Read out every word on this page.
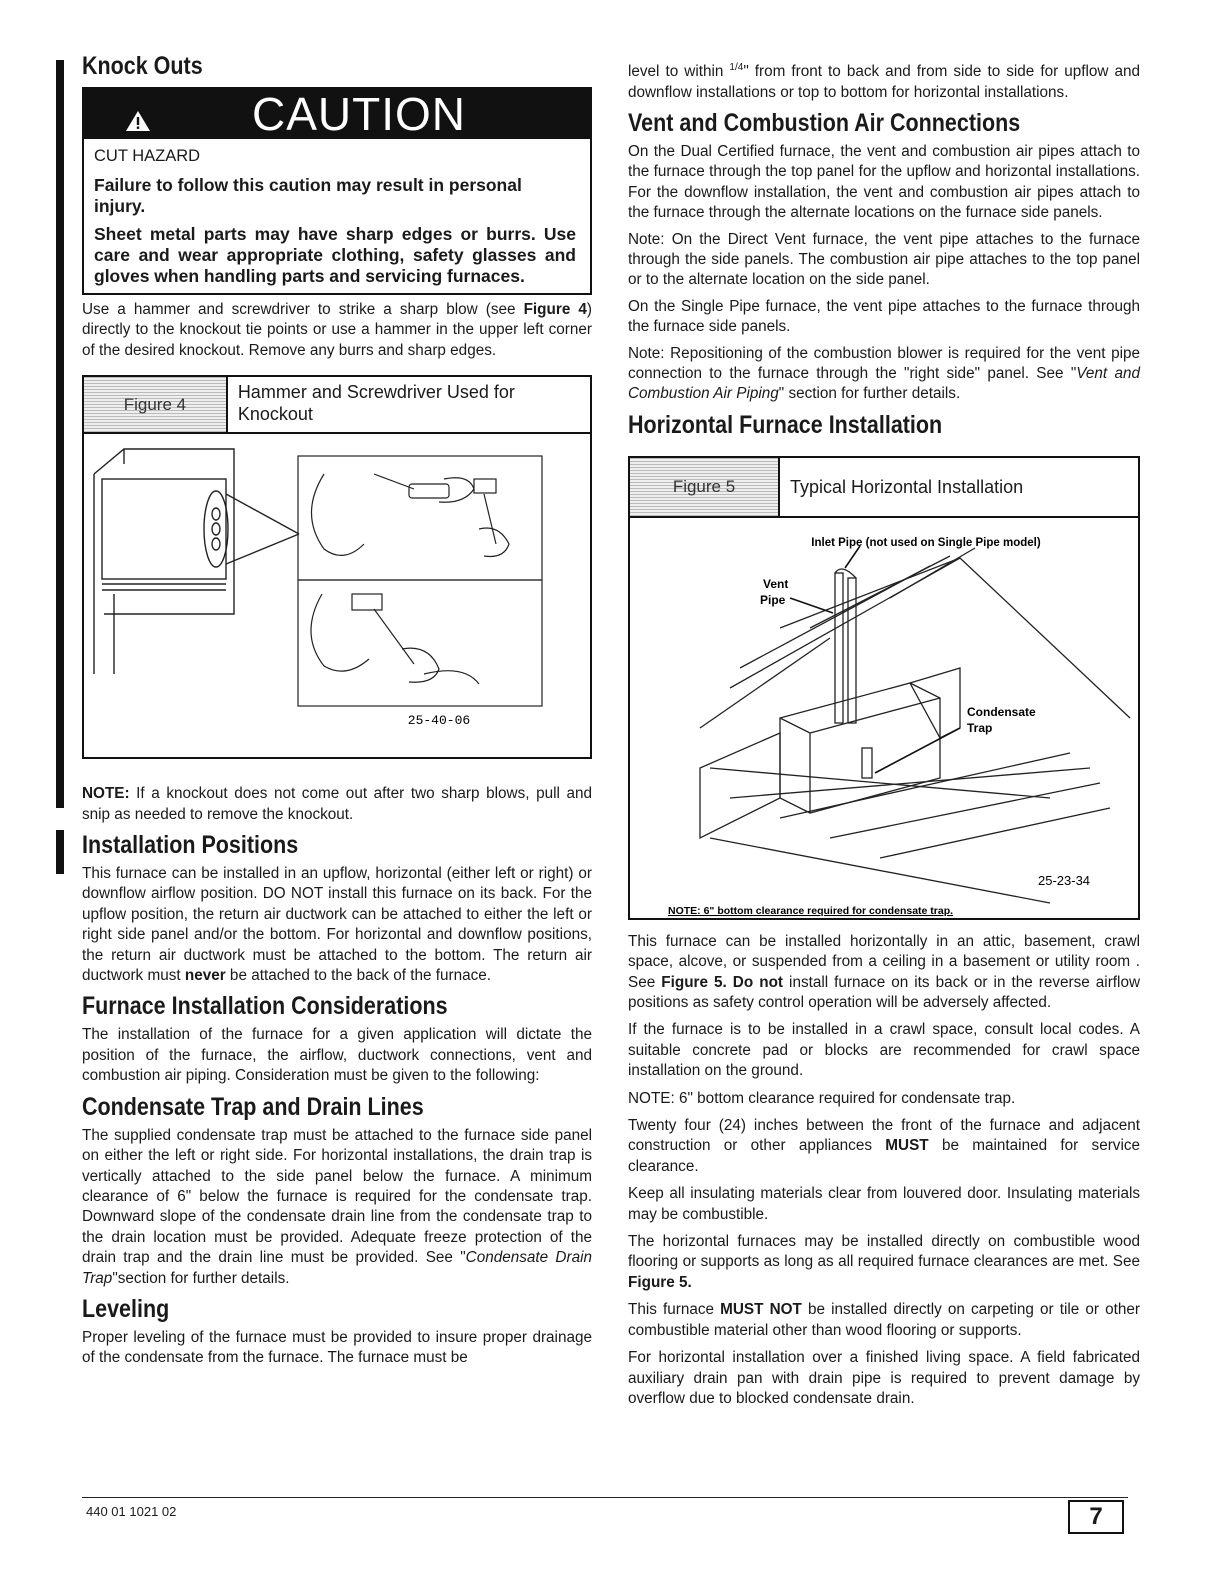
Knock Outs
CAUTION
CUT HAZARD
Failure to follow this caution may result in personal injury.
Sheet metal parts may have sharp edges or burrs. Use care and wear appropriate clothing, safety glasses and gloves when handling parts and servicing furnaces.

Use a hammer and screwdriver to strike a sharp blow (see Figure 4) directly to the knockout tie points or use a hammer in the upper left corner of the desired knockout. Remove any burrs and sharp edges.

Figure 4
Hammer and Screwdriver Used for Knockout
25-40-06

NOTE: If a knockout does not come out after two sharp blows, pull and snip as needed to remove the knockout.

Installation Positions

This furnace can be installed in an upflow, horizontal (either left or right) or downflow airflow position. DO NOT install this furnace on its back. For the upflow position, the return air ductwork can be attached to either the left or right side panel and/or the bottom. For horizontal and downflow positions, the return air ductwork must be attached to the bottom. The return air ductwork must never be attached to the back of the furnace.

Furnace Installation Considerations

The installation of the furnace for a given application will dictate the position of the furnace, the airflow, ductwork connections, vent and combustion air piping. Consideration must be given to the following:

Condensate Trap and Drain Lines

The supplied condensate trap must be attached to the furnace side panel on either the left or right side. For horizontal installations, the drain trap is vertically attached to the side panel below the furnace. A minimum clearance of 6" below the furnace is required for the condensate trap. Downward slope of the condensate drain line from the condensate trap to the drain location must be provided. Adequate freeze protection of the drain trap and the drain line must be provided. See "Condensate Drain Trap"section for further details.

Leveling

Proper leveling of the furnace must be provided to insure proper drainage of the condensate from the furnace. The furnace must be

level to within $^{1/4}$" from front to back and from side to side for upflow and downflow installations or top to bottom for horizontal installations.

Vent and Combustion Air Connections

On the Dual Certified furnace, the vent and combustion air pipes attach to the furnace through the top panel for the upflow and horizontal installations. For the downflow installation, the vent and combustion air pipes attach to the furnace through the alternate locations on the furnace side panels.

Note: On the Direct Vent furnace, the vent pipe attaches to the furnace through the side panels. The combustion air pipe attaches to the top panel or to the alternate location on the side panel.

On the Single Pipe furnace, the vent pipe attaches to the furnace through the furnace side panels.

Note: Repositioning of the combustion blower is required for the vent pipe connection to the furnace through the "right side" panel. See "Vent and Combustion Air Piping" section for further details.

Horizontal Furnace Installation
Figure 5	Typical Horizontal Installation
Inlet Pipe (not used on Single Pipe model)
Vent
Pipe
Condensate
Trap
25-23-34
NOTE: 6" bottom clearance required for condensate trap.

This furnace can be installed horizontally in an attic, basement, crawl space, alcove, or suspended from a ceiling in a basement or utility room . See Figure 5. Do not install furnace on its back or in the reverse airflow positions as safety control operation will be adversely affected.

If the furnace is to be installed in a crawl space, consult local codes. A suitable concrete pad or blocks are recommended for crawl space installation on the ground.

NOTE: 6" bottom clearance required for condensate trap.

Twenty four (24) inches between the front of the furnace and adjacent construction or other appliances MUST be maintained for service clearance.

Keep all insulating materials clear from louvered door. Insulating materials may be combustible.

The horizontal furnaces may be installed directly on combustible wood flooring or supports as long as all required furnace clearances are met. See Figure 5.

This furnace MUST NOT be installed directly on carpeting or tile or other combustible material other than wood flooring or supports.

For horizontal installation over a finished living space. A field fabricated auxiliary drain pan with drain pipe is required to prevent damage by overflow due to blocked condensate drain.

440 01 1021 02	7
